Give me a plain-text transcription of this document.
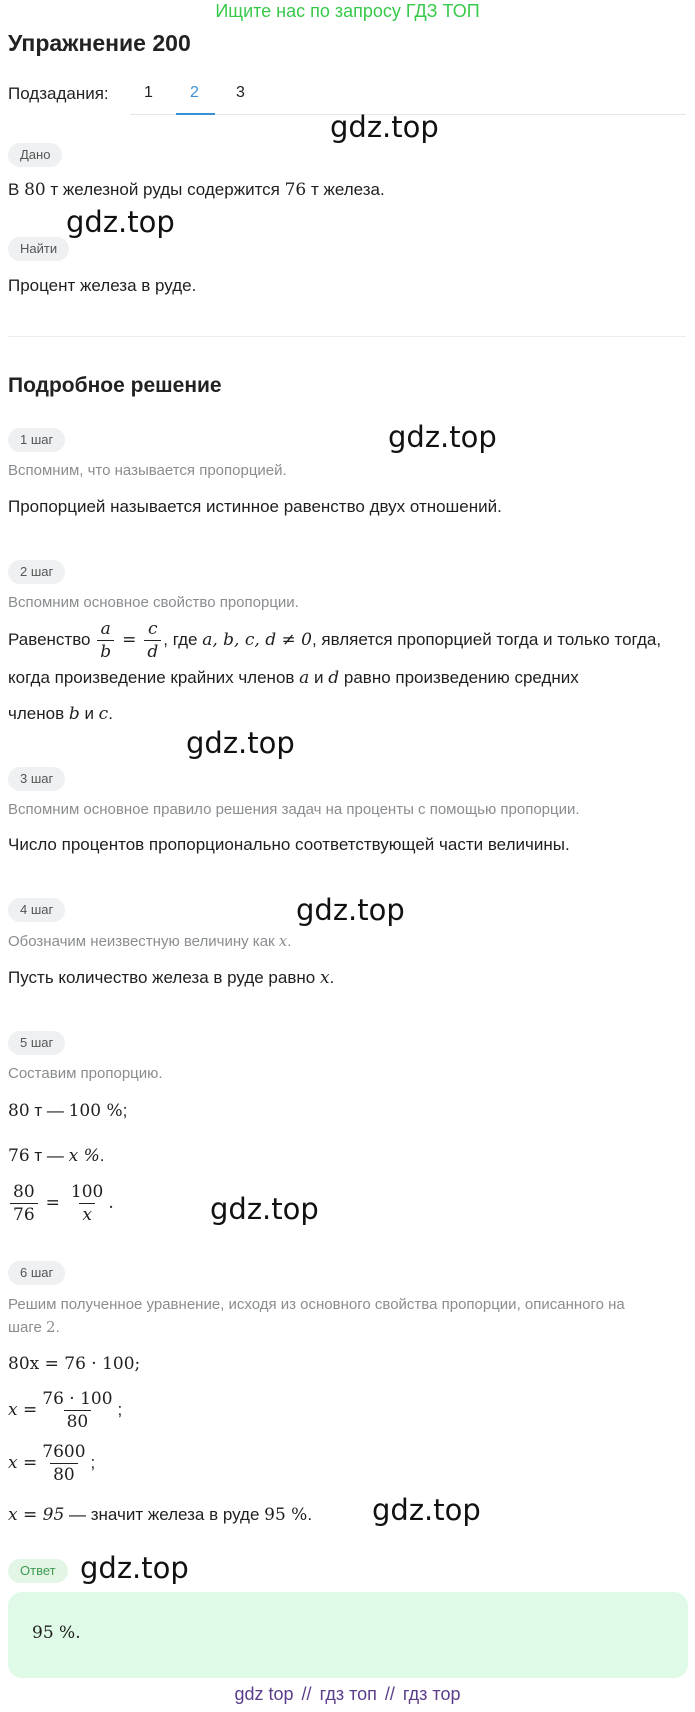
Ищите нас по запросу ГДЗ ТОП
Упражнение 200
Подзадания: 1 2 3
gdz.top
Дано
В 80 т железной руды содержится 76 т железа.
gdz.top
Найти
Процент железа в руде.
Подробное решение
1 шаг	gdz.top
Вспомним, что называется пропорцией.
Пропорцией называется истинное равенство двух отношений.
2 шаг
Вспомним основное свойство пропорции.
Равенство $\frac{a}{b} = \frac{c}{d}$ , где a, b, c, d ≠ 0, является пропорцией тогда и только тогда,
когда произведение крайних членов a и d равно произведению средних
членов b и c.
gdz.top
3 шаг
Вспомним основное правило решения задач на проценты с помощью пропорции.
Число процентов пропорционально соответствующей части величины.
4 шаг	gdz.top
Обозначим неизвестную величину как x.
Пусть количество железа в руде равно x.
5 шаг
Составим пропорцию.
80 т — 100 %;
76 т — x %.
$\frac{80}{76} = \frac{100}{x}$ .	gdz.top
6 шаг
Решим полученное уравнение, исходя из основного свойства пропорции, описанного на
шаге 2.
80x = 76 · 100;
$x = \frac{76 \cdot 100}{80}$ ;
$x = \frac{7600}{80}$ ;
x = 95 — значит железа в руде 95 %. gdz.top
Ответ gdz.top
95 %.
gdz top // гдз топ // гдз тор
